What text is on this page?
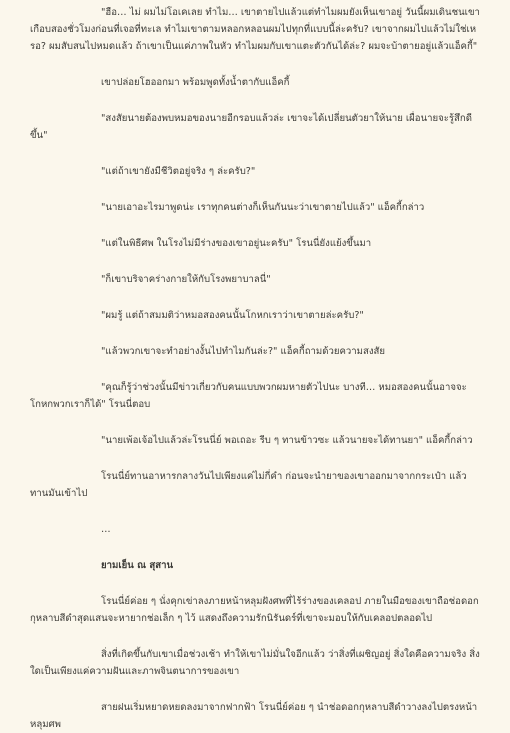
"ฮือ… ไม่ ผมไม่โอเคเลย ทำไม… เขาตายไปแล้วแต่ทำไมผมยังเห็นเขาอยู่ วันนี้ผมเดินชนเขาเกือบสองชั่วโมงก่อนที่เจอที่ทะเล ทำไมเขาตามหลอกหลอนผมไปทุกที่แบบนี้ล่ะครับ? เขาจากผมไปแล้วไม่ใช่เหรอ? ผมสับสนไปหมดแล้ว ถ้าเขาเป็นแค่ภาพในหัว ทำไมผมกับเขาแตะตัวกันได้ล่ะ? ผมจะบ้าตายอยู่แล้วแอ็คกี้"

เขาปล่อยโฮออกมา พร้อมพูดทั้งน้ำตากับแอ็คกี้

"สงสัยนายต้องพบหมอของนายอีกรอบแล้วล่ะ เขาจะได้เปลี่ยนตัวยาให้นาย เผื่อนายจะรู้สึกดีขึ้น"

"แต่ถ้าเขายังมีชีวิตอยู่จริง ๆ ล่ะครับ?"

"นายเอาอะไรมาพูดน่ะ เราทุกคนต่างก็เห็นกันนะว่าเขาตายไปแล้ว" แอ็คกี้กล่าว

"แต่ในพิธีศพ ในโรงไม่มีร่างของเขาอยู่นะครับ" โรนนี่ยังแย้งขึ้นมา

"ก็เขาบริจาคร่างกายให้กับโรงพยาบาลนี่"

"ผมรู้ แต่ถ้าสมมติว่าหมอสองคนนั้นโกหกเราว่าเขาตายล่ะครับ?"

"แล้วพวกเขาจะทำอย่างงั้นไปทำไมกันล่ะ?" แอ็คกี้ถามด้วยความสงสัย

"คุณก็รู้ว่าช่วงนั้นมีข่าวเกี่ยวกับคนแบบพวกผมหายตัวไปนะ บางที… หมอสองคนนั้นอาจจะโกหกพวกเราก็ได้" โรนนี่ตอบ

"นายเพ้อเจ้อไปแล้วล่ะโรนนี่ย์ พอเถอะ รีบ ๆ ทานข้าวซะ แล้วนายจะได้ทานยา" แอ็คกี้กล่าว

โรนนี่ย์ทานอาหารกลางวันไปเพียงแค่ไม่กี่คำ ก่อนจะนำยาของเขาออกมาจากกระเป๋า แล้วทานมันเข้าไป

…

ยามเย็น ณ สุสาน

โรนนี่ย์ค่อย ๆ นั่งคุกเข่าลงภายหน้าหลุมฝังศพที่ไร้ร่างของเคลอป ภายในมือของเขาถือช่อดอกกุหลาบสีดำสุดแสนจะหายากช่อเล็ก ๆ ไว้ แสดงถึงความรักนิรันดร์ที่เขาจะมอบให้กับเคลอปตลอดไป

สิ่งที่เกิดขึ้นกับเขาเมื่อช่วงเช้า ทำให้เขาไม่มั่นใจอีกแล้ว ว่าสิ่งที่เผชิญอยู่ สิ่งใดคือความจริง สิ่งใดเป็นเพียงแค่ความฝันและภาพจินตนาการของเขา

สายฝนเริ่มหยาดหยดลงมาจากฟากฟ้า โรนนี่ย์ค่อย ๆ นำช่อดอกกุหลาบสีดำวางลงไปตรงหน้าหลุมศพ
